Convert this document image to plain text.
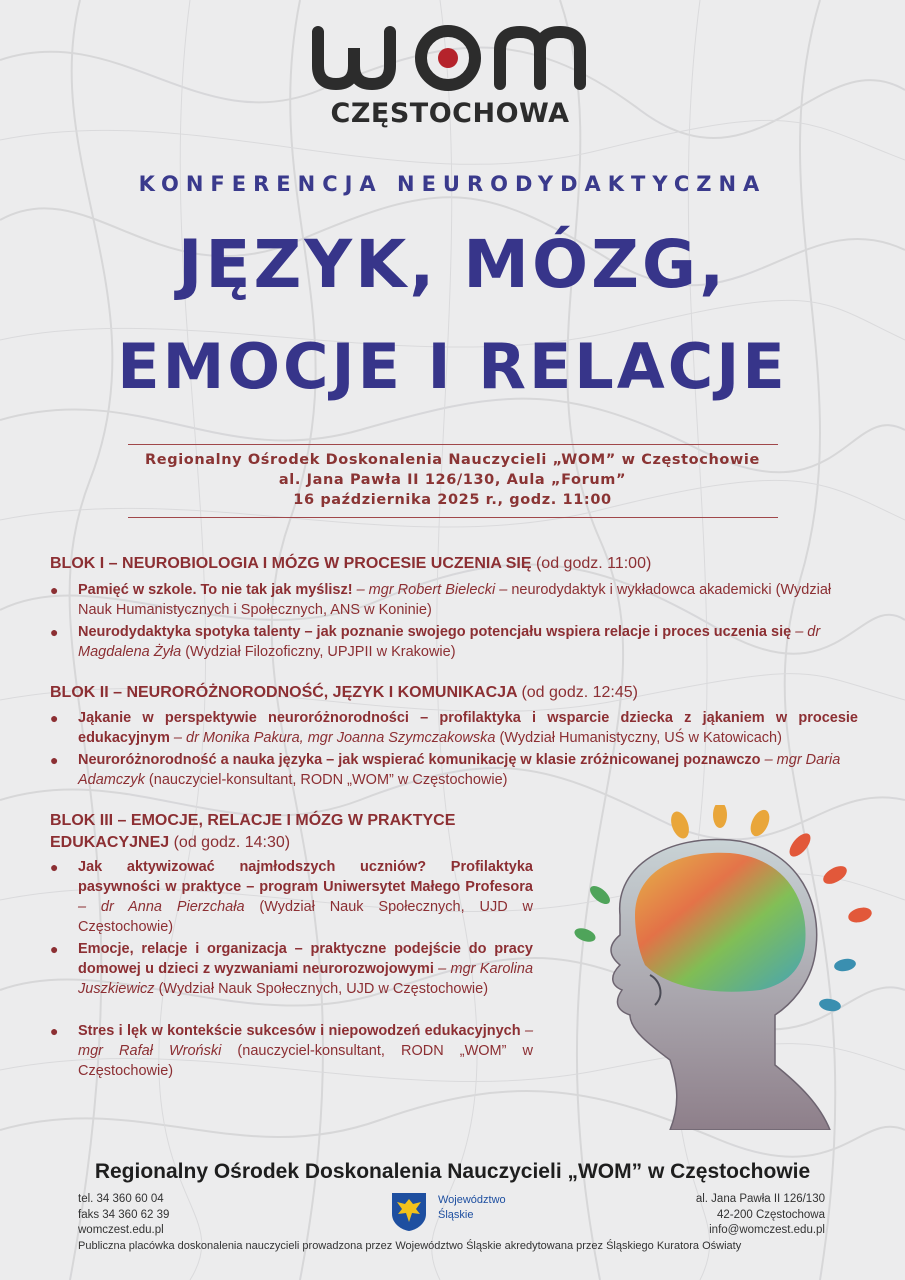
CZĘSTOCHOWA
KONFERENCJA NEURODYDAKTYCZNA
JĘZYK, MÓZG,
EMOCJE I RELACJE
Regionalny Ośrodek Doskonalenia Nauczycieli „WOM” w Częstochowie
al. Jana Pawła II 126/130, Aula „Forum”
16 października 2025 r., godz. 11:00
BLOK I – NEUROBIOLOGIA I MÓZG W PROCESIE UCZENIA SIĘ (od godz. 11:00)
● Pamięć w szkole. To nie tak jak myślisz! – mgr Robert Bielecki – neurodydaktyk i wykładowca akademicki (Wydział Nauk Humanistycznych i Społecznych, ANS w Koninie)
● Neurodydaktyka spotyka talenty – jak poznanie swojego potencjału wspiera relacje i proces uczenia się – dr Magdalena Żyła (Wydział Filozoficzny, UPJPII w Krakowie)
BLOK II – NEURORÓŻNORODNOŚĆ, JĘZYK I KOMUNIKACJA (od godz. 12:45)
● Jąkanie w perspektywie neuroróżnorodności – profilaktyka i wsparcie dziecka z jąkaniem w procesie edukacyjnym – dr Monika Pakura, mgr Joanna Szymczakowska (Wydział Humanistyczny, UŚ w Katowicach)
● Neuroróżnorodność a nauka języka – jak wspierać komunikację w klasie zróżnicowanej poznawczo – mgr Daria Adamczyk (nauczyciel-konsultant, RODN „WOM” w Częstochowie)
BLOK III – EMOCJE, RELACJE I MÓZG W PRAKTYCE
EDUKACYJNEJ (od godz. 14:30)
● Jak aktywizować najmłodszych uczniów? Profilaktyka pasywności w praktyce – program Uniwersytet Małego Profesora – dr Anna Pierzchała (Wydział Nauk Społecznych, UJD w Częstochowie)
● Emocje, relacje i organizacja – praktyczne podejście do pracy domowej u dzieci z wyzwaniami neurorozwojowymi – mgr Karolina Juszkiewicz (Wydział Nauk Społecznych, UJD w Częstochowie)
● Stres i lęk w kontekście sukcesów i niepowodzeń edukacyjnych – mgr Rafał Wroński (nauczyciel-konsultant, RODN „WOM” w Częstochowie)
Regionalny Ośrodek Doskonalenia Nauczycieli „WOM” w Częstochowie
tel. 34 360 60 04
faks 34 360 62 39
womczest.edu.pl
Województwo
Śląskie
al. Jana Pawła II 126/130
42-200 Częstochowa
info@womczest.edu.pl
Publiczna placówka doskonalenia nauczycieli prowadzona przez Województwo Śląskie akredytowana przez Śląskiego Kuratora Oświaty
